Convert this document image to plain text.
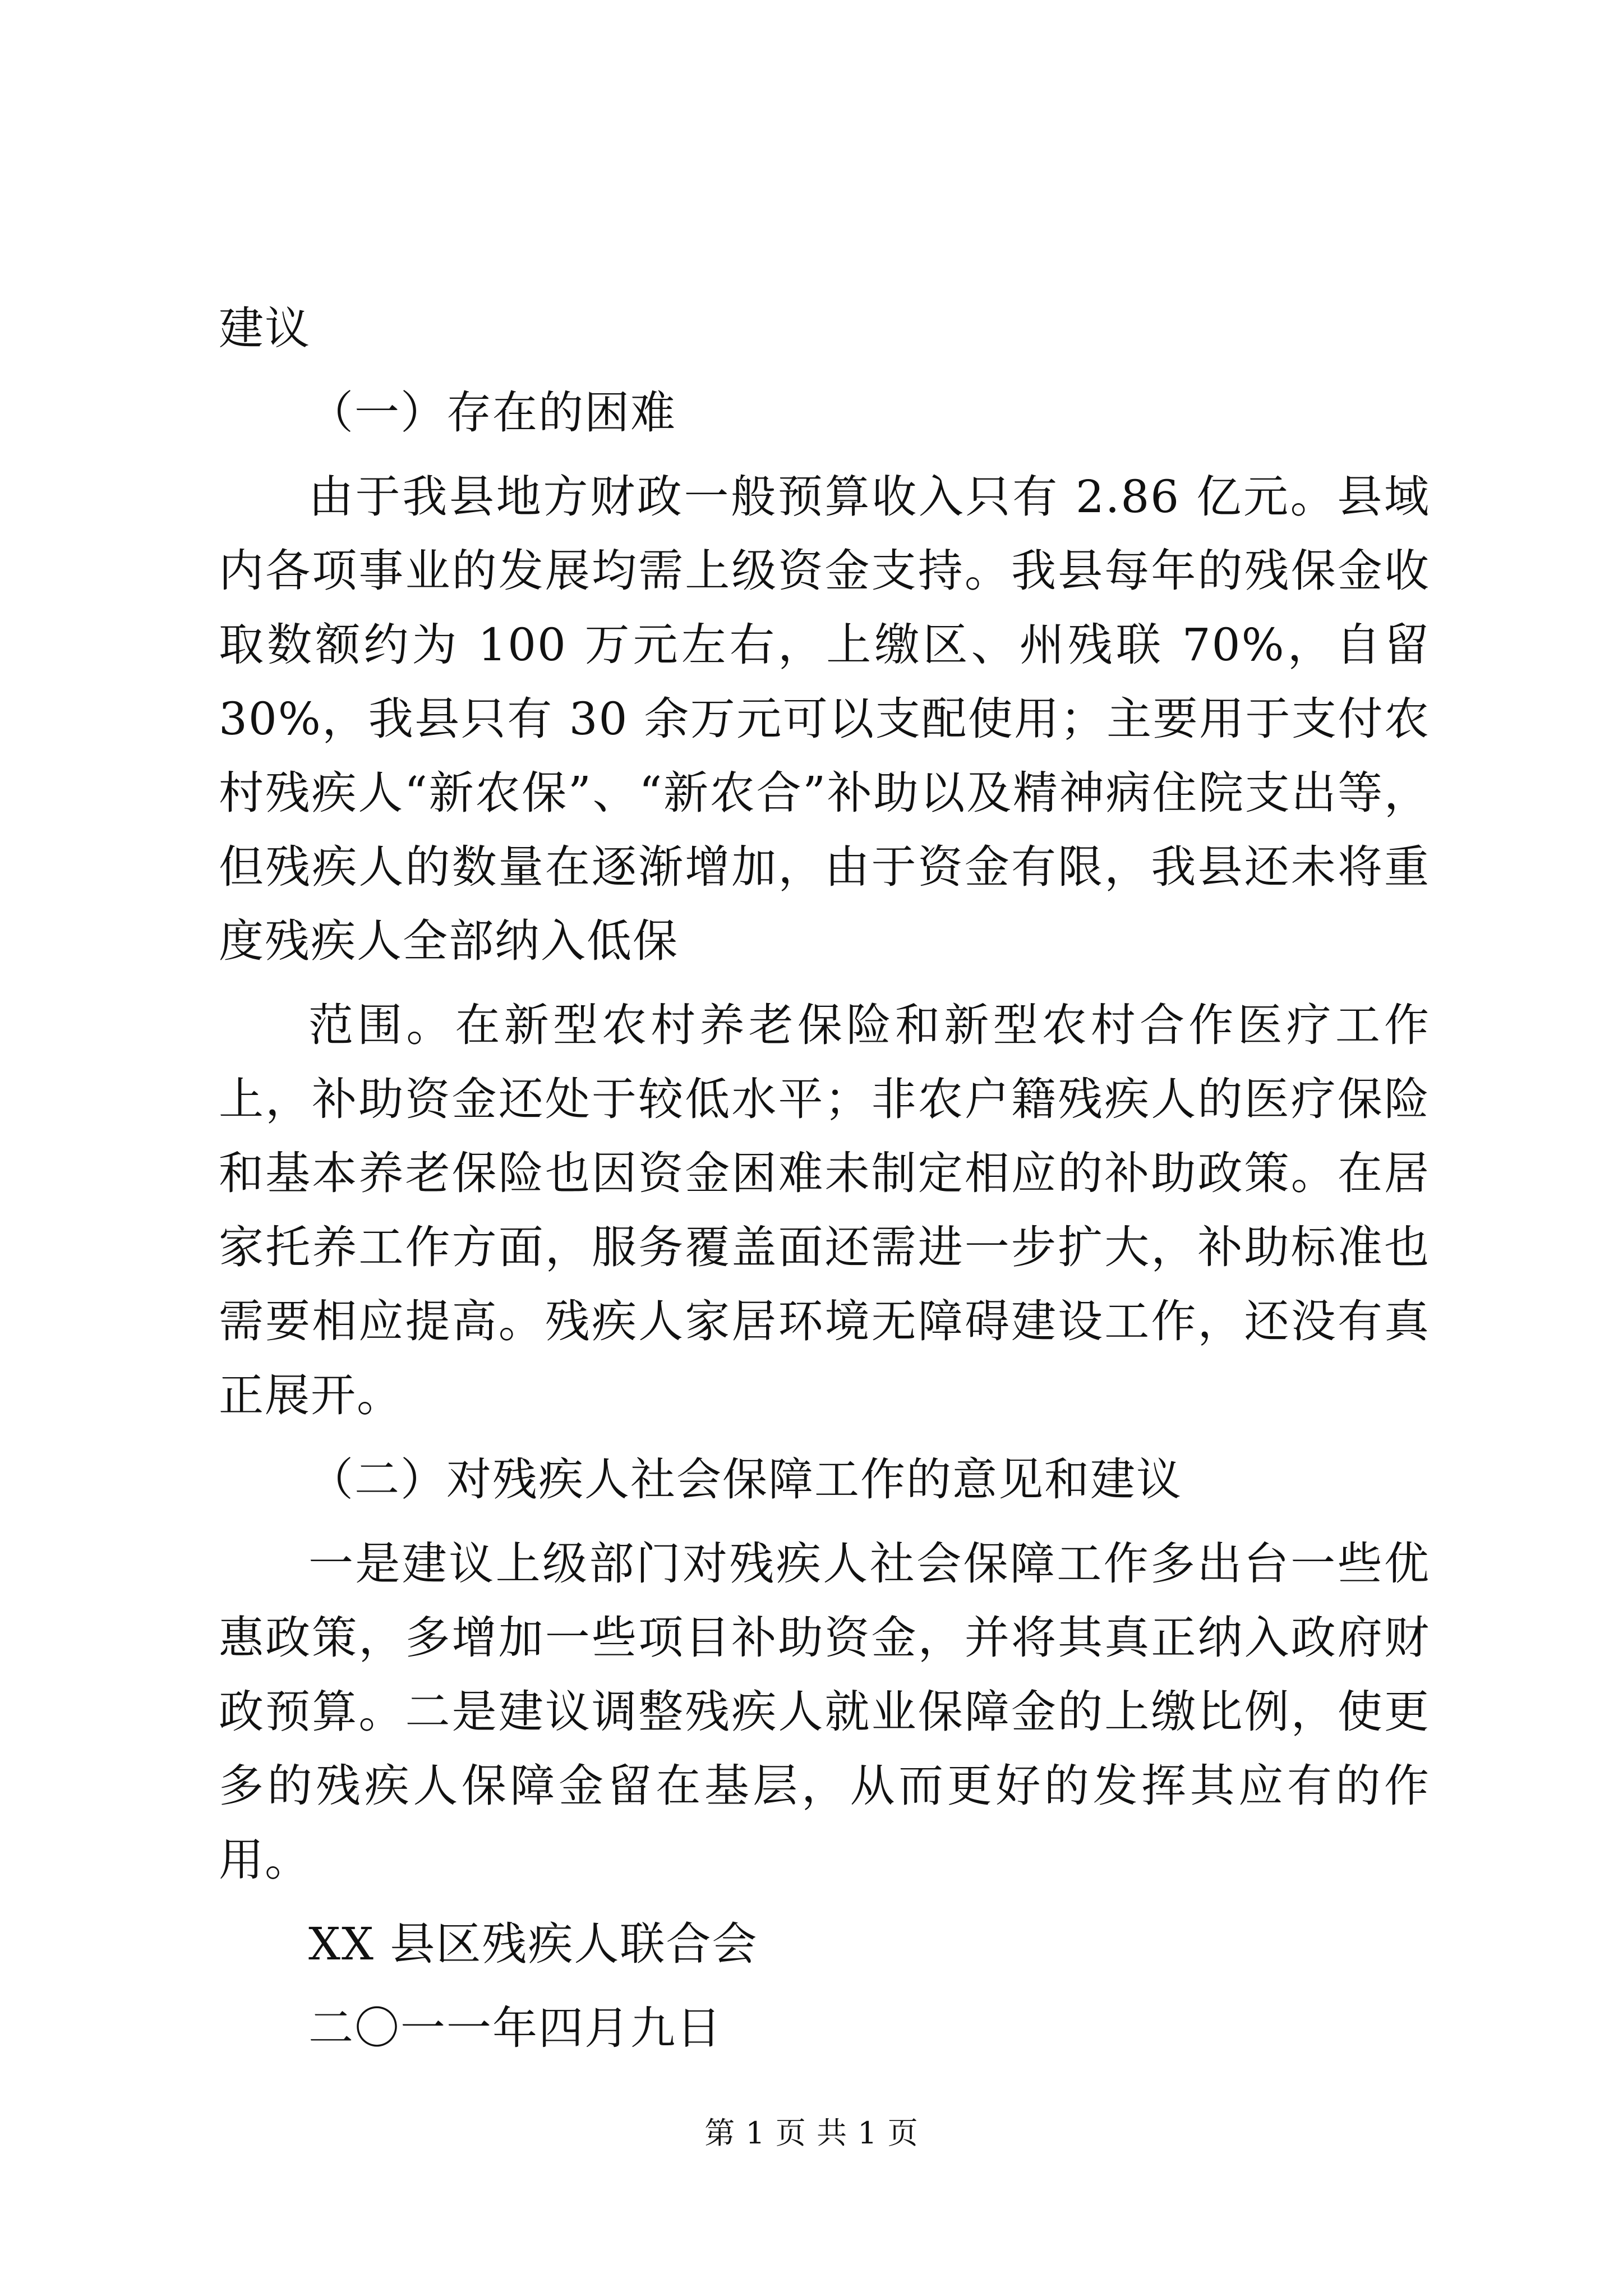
建议

（一）存在的困难

由于我县地方财政一般预算收入只有 2.86 亿元。县域内各项事业的发展均需上级资金支持。我县每年的残保金收取数额约为 100 万元左右，上缴区、州残联 70%，自留 30%，我县只有 30 余万元可以支配使用；主要用于支付农村残疾人“新农保”、“新农合”补助以及精神病住院支出等，但残疾人的数量在逐渐增加，由于资金有限，我县还未将重度残疾人全部纳入低保

范围。在新型农村养老保险和新型农村合作医疗工作上，补助资金还处于较低水平；非农户籍残疾人的医疗保险和基本养老保险也因资金困难未制定相应的补助政策。在居家托养工作方面，服务覆盖面还需进一步扩大，补助标准也需要相应提高。残疾人家居环境无障碍建设工作，还没有真正展开。

（二）对残疾人社会保障工作的意见和建议

一是建议上级部门对残疾人社会保障工作多出台一些优惠政策，多增加一些项目补助资金，并将其真正纳入政府财政预算。二是建议调整残疾人就业保障金的上缴比例，使更多的残疾人保障金留在基层，从而更好的发挥其应有的作用。

XX 县区残疾人联合会

二〇一一年四月九日

第 1 页 共 1 页
